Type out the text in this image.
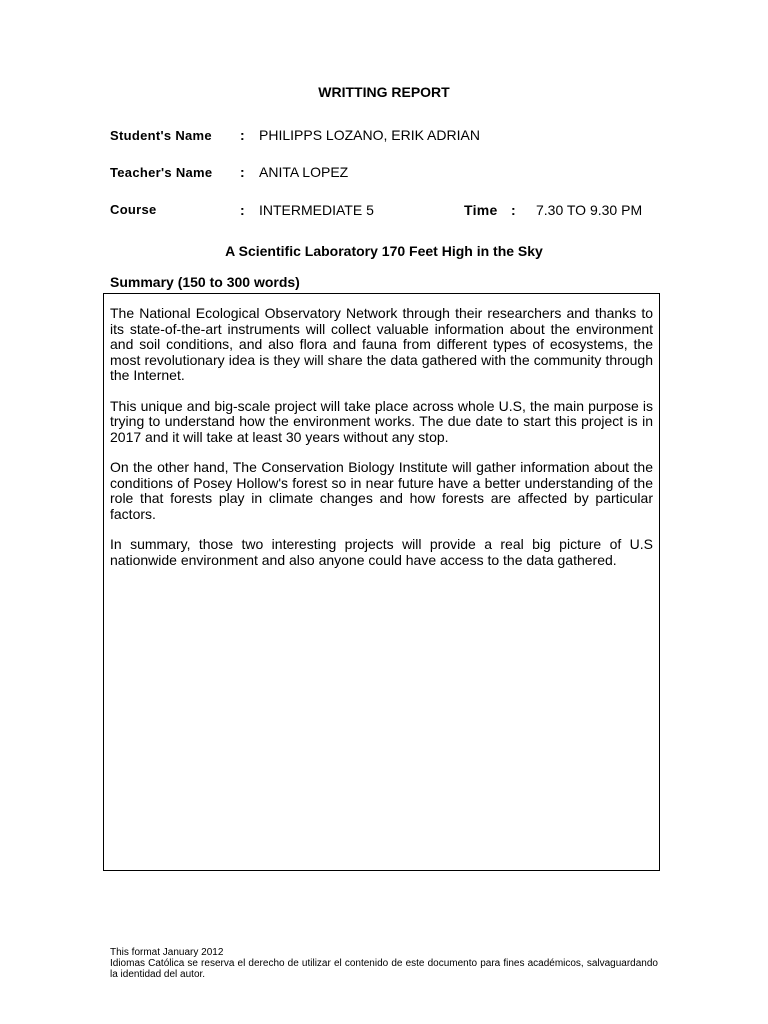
WRITTING REPORT
Student's Name : PHILIPPS LOZANO, ERIK ADRIAN
Teacher's Name : ANITA LOPEZ
Course	: INTERMEDIATE 5	Time : 7.30 TO 9.30 PM
A Scientific Laboratory 170 Feet High in the Sky
Summary (150 to 300 words)

The National Ecological Observatory Network through their researchers and thanks to its state-of-the-art instruments will collect valuable information about the environment and soil conditions, and also flora and fauna from different types of ecosystems, the most revolutionary idea is they will share the data gathered with the community through the Internet.

This unique and big-scale project will take place across whole U.S, the main purpose is trying to understand how the environment works. The due date to start this project is in 2017 and it will take at least 30 years without any stop.

On the other hand, The Conservation Biology Institute will gather information about the conditions of Posey Hollow's forest so in near future have a better understanding of the role that forests play in climate changes and how forests are affected by particular factors.

In summary, those two interesting projects will provide a real big picture of U.S nationwide environment and also anyone could have access to the data gathered.

This format January 2012
Idiomas Católica se reserva el derecho de utilizar el contenido de este documento para fines académicos, salvaguardando la identidad del autor.
